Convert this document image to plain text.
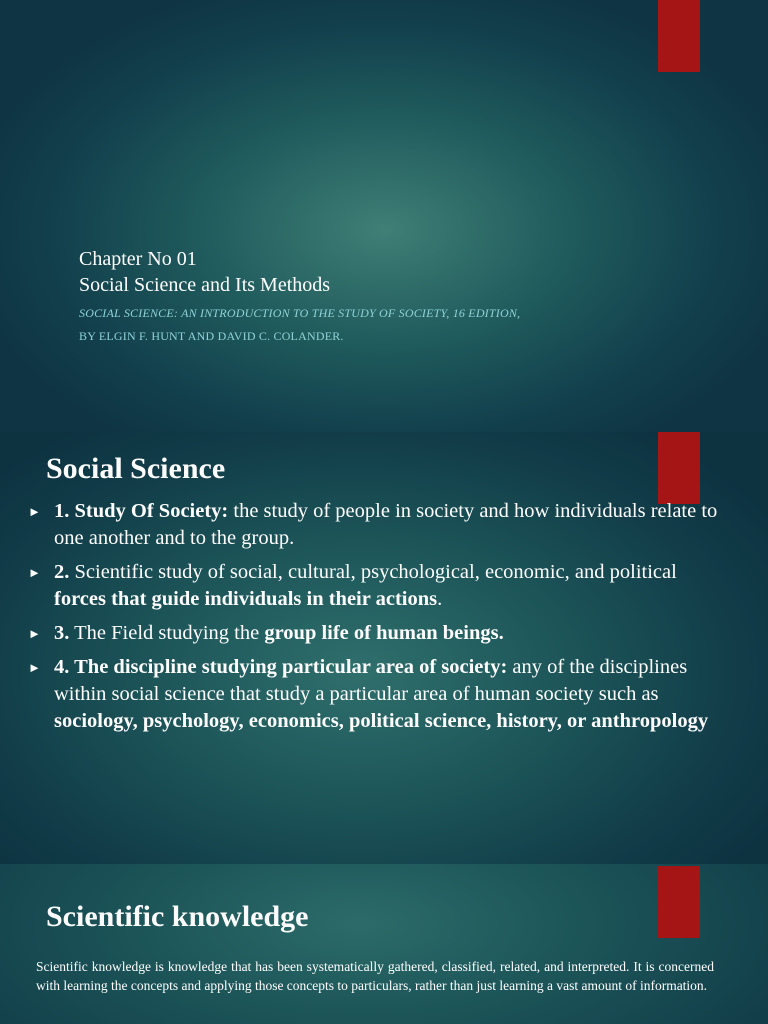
Chapter No 01
Social Science and Its Methods
SOCIAL SCIENCE: AN INTRODUCTION TO THE STUDY OF SOCIETY, 16 EDITION,
BY ELGIN F. HUNT AND DAVID C. COLANDER.
Social Science
► 1. Study Of Society: the study of people in society and how individuals relate to one another and to the group.
► 2. Scientific study of social, cultural, psychological, economic, and political forces that guide individuals in their actions.
► 3. The Field studying the group life of human beings.
► 4. The discipline studying particular area of society: any of the disciplines within social science that study a particular area of human society such as sociology, psychology, economics, political science, history, or anthropology
Scientific knowledge

Scientific knowledge is knowledge that has been systematically gathered, classified, related, and interpreted. It is concerned with learning the concepts and applying those concepts to particulars, rather than just learning a vast amount of information.
